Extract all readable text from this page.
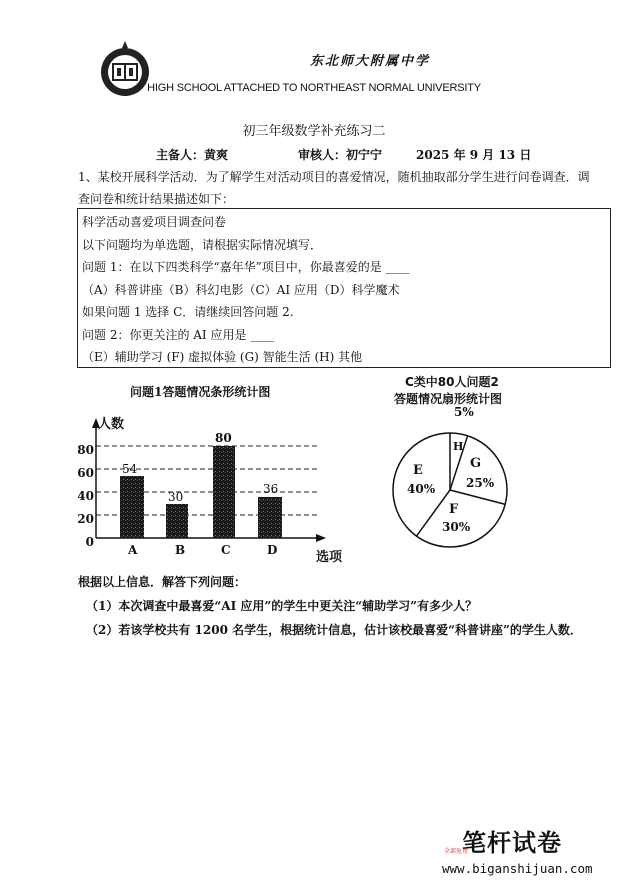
东北师大附属中学
HIGH SCHOOL ATTACHED TO NORTHEAST NORMAL UNIVERSITY
初三年级数学补充练习二
主备人：黄爽	审核人：初宁宁	2025 年 9 月 13 日
1、某校开展科学活动．为了解学生对活动项目的喜爱情况，随机抽取部分学生进行问卷调查．调
查问卷和统计结果描述如下：
科学活动喜爱项目调查问卷
以下问题均为单选题，请根据实际情况填写．
问题 1：在以下四类科学“嘉年华”项目中，你最喜爱的是 ____
（A）科普讲座（B）科幻电影（C）AI 应用（D）科学魔术
如果问题 1 选择 C．请继续回答问题 2.
问题 2：你更关注的 AI 应用是 ____
（E）辅助学习 (F) 虚拟体验 (G) 智能生活 (H) 其他
问题1答题情况条形统计图
人数
80
60
40
20
0
54
30
80
36
A	B	C	D	选项
C类中80人问题2
答题情况扇形统计图
5%
H
G
25%
E
40%
F
30%
根据以上信息．解答下列问题：
（1）本次调查中最喜爱“AI 应用”的学生中更关注“辅助学习”有多少人？
（2）若该学校共有 1200 名学生，根据统计信息，估计该校最喜爱“科普讲座”的学生人数．
笔杆试卷
全部免费
www.biganshijuan.com
